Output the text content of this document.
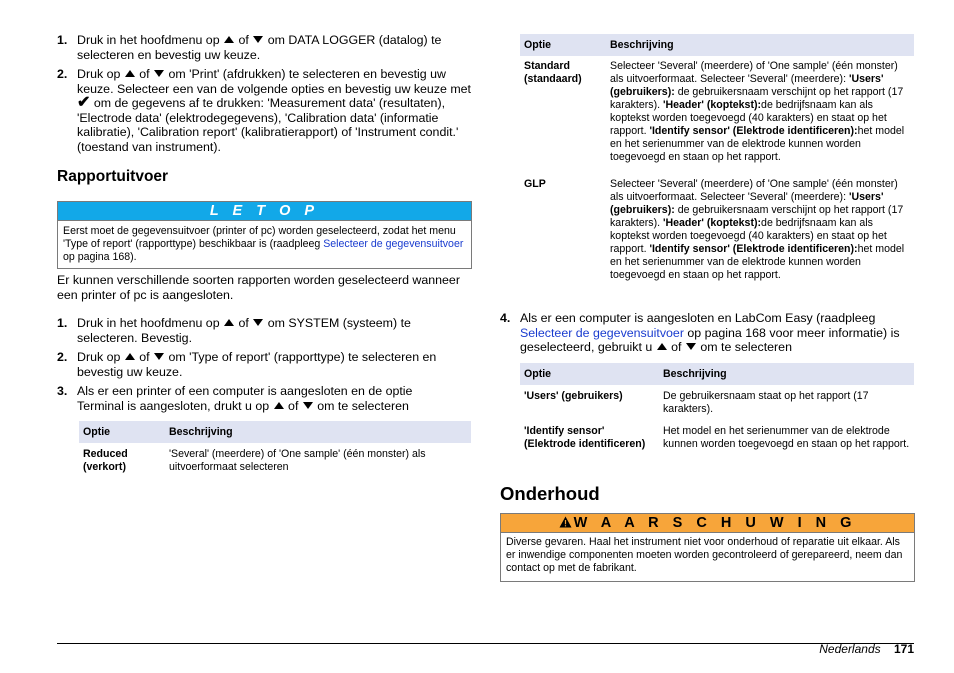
1. Druk in het hoofdmenu op  of  om DATA LOGGER (datalog) te selecteren en bevestig uw keuze.
2. Druk op  of  om 'Print' (afdrukken) te selecteren en bevestig uw keuze. Selecteer een van de volgende opties en bevestig uw keuze met ✔ om de gegevens af te drukken: 'Measurement data' (resultaten), 'Electrode data' (elektrodegegevens), 'Calibration data' (informatie kalibratie), 'Calibration report' (kalibratierapport) of 'Instrument condit.' (toestand van instrument).
Rapportuitvoer
L E T O P
Eerst moet de gegevensuitvoer (printer of pc) worden geselecteerd, zodat het menu 'Type of report' (rapporttype) beschikbaar is (raadpleeg Selecteer de gegevensuitvoer op pagina 168).
Er kunnen verschillende soorten rapporten worden geselecteerd wanneer een printer of pc is aangesloten.
1. Druk in het hoofdmenu op  of  om SYSTEM (systeem) te selecteren. Bevestig.
2. Druk op  of  om 'Type of report' (rapporttype) te selecteren en bevestig uw keuze.
3. Als er een printer of een computer is aangesloten en de optie Terminal is aangesloten, drukt u op  of  om te selecteren
Optie	Beschrijving
Reduced (verkort)	'Several' (meerdere) of 'One sample' (één monster) als uitvoerformaat selecteren
Optie	Beschrijving
Standard (standaard)	Selecteer 'Several' (meerdere) of 'One sample' (één monster) als uitvoerformaat. Selecteer 'Several' (meerdere): 'Users' (gebruikers): de gebruikersnaam verschijnt op het rapport (17 karakters). 'Header' (koptekst):de bedrijfsnaam kan als koptekst worden toegevoegd (40 karakters) en staat op het rapport. 'Identify sensor' (Elektrode identificeren):het model en het serienummer van de elektrode kunnen worden toegevoegd en staan op het rapport.
GLP	Selecteer 'Several' (meerdere) of 'One sample' (één monster) als uitvoerformaat. Selecteer 'Several' (meerdere): 'Users' (gebruikers): de gebruikersnaam verschijnt op het rapport (17 karakters). 'Header' (koptekst):de bedrijfsnaam kan als koptekst worden toegevoegd (40 karakters) en staat op het rapport. 'Identify sensor' (Elektrode identificeren):het model en het serienummer van de elektrode kunnen worden toegevoegd en staan op het rapport.
4. Als er een computer is aangesloten en LabCom Easy (raadpleeg Selecteer de gegevensuitvoer op pagina 168 voor meer informatie) is geselecteerd, gebruikt u  of  om te selecteren
Optie	Beschrijving
'Users' (gebruikers)	De gebruikersnaam staat op het rapport (17 karakters).
'Identify sensor' (Elektrode identificeren)	Het model en het serienummer van de elektrode kunnen worden toegevoegd en staan op het rapport.
Onderhoud
W A A R S C H U W I N G
Diverse gevaren. Haal het instrument niet voor onderhoud of reparatie uit elkaar. Als er inwendige componenten moeten worden gecontroleerd of gerepareerd, neem dan contact op met de fabrikant.
Nederlands 171
